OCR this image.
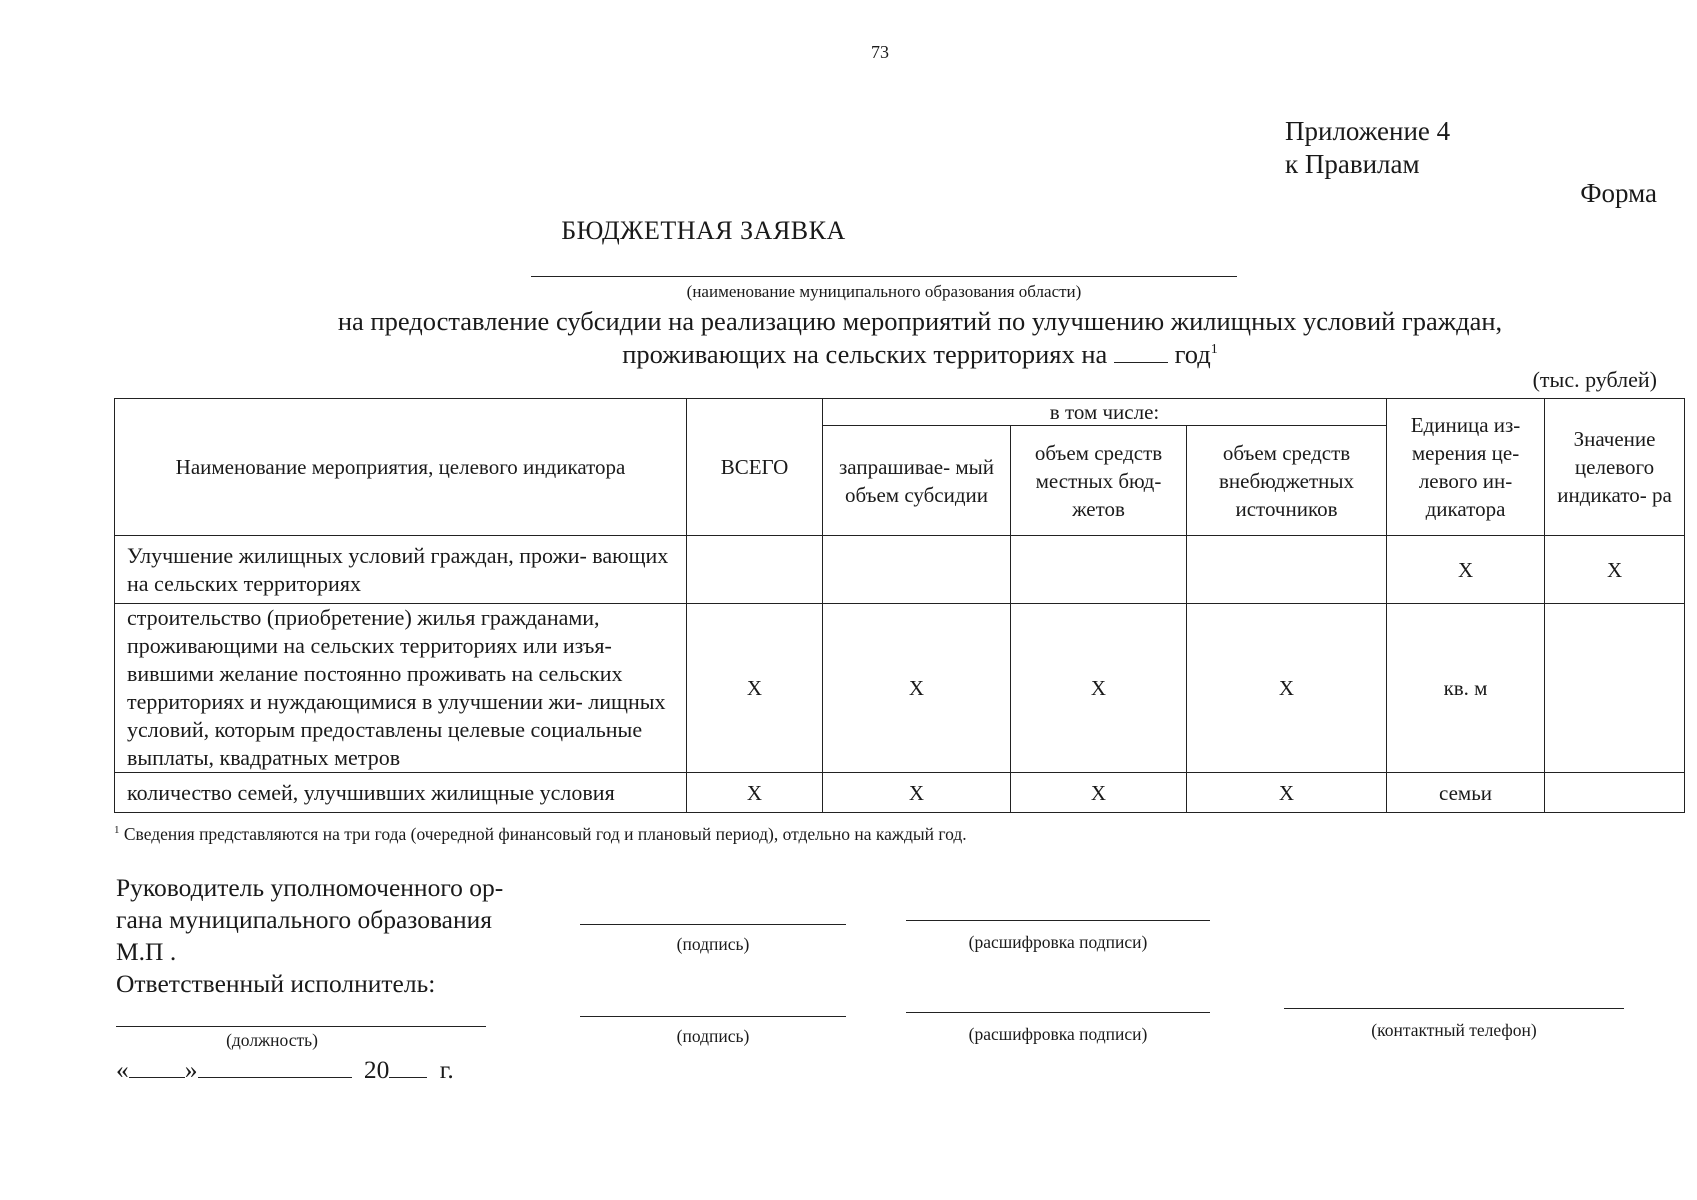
73
Приложение 4
к Правилам
Форма
БЮДЖЕТНАЯ ЗАЯВКА
(наименование муниципального образования области)
на предоставление субсидии на реализацию мероприятий по улучшению жилищных условий граждан,
проживающих на сельских территориях на	год$^1$
(тыс. рублей)
Наименование мероприятия, целевого индикатора	ВСЕГО	в том числе:			Единица из- мерения це- левого ин- дикатора	Значение целевого индикато- ра
		запрашивае- мый объем субсидии	объем средств местных бюд- жетов	объем средств внебюджетных источников		
Улучшение жилищных условий граждан, прожи- вающих на сельских территориях					Х	Х
строительство (приобретение) жилья гражданами, проживающими на сельских территориях или изъя- вившими желание постоянно проживать на сельских территориях и нуждающимися в улучшении жи- лищных условий, которым предоставлены целевые социальные выплаты, квадратных метров	Х	Х	Х	Х	кв. м	
количество семей, улучшивших жилищные условия	Х	Х	Х	Х	семьи	
$^1$ Сведения представляются на три года (очередной финансовый год и плановый период), отдельно на каждый год.
Руководитель уполномоченного ор-
гана муниципального образования
М.П .
Ответственный исполнитель:
(подпись)	(расшифровка подписи)
(должность)	(подпись)	(расшифровка подписи)	(контактный телефон)
« »	20 г.
